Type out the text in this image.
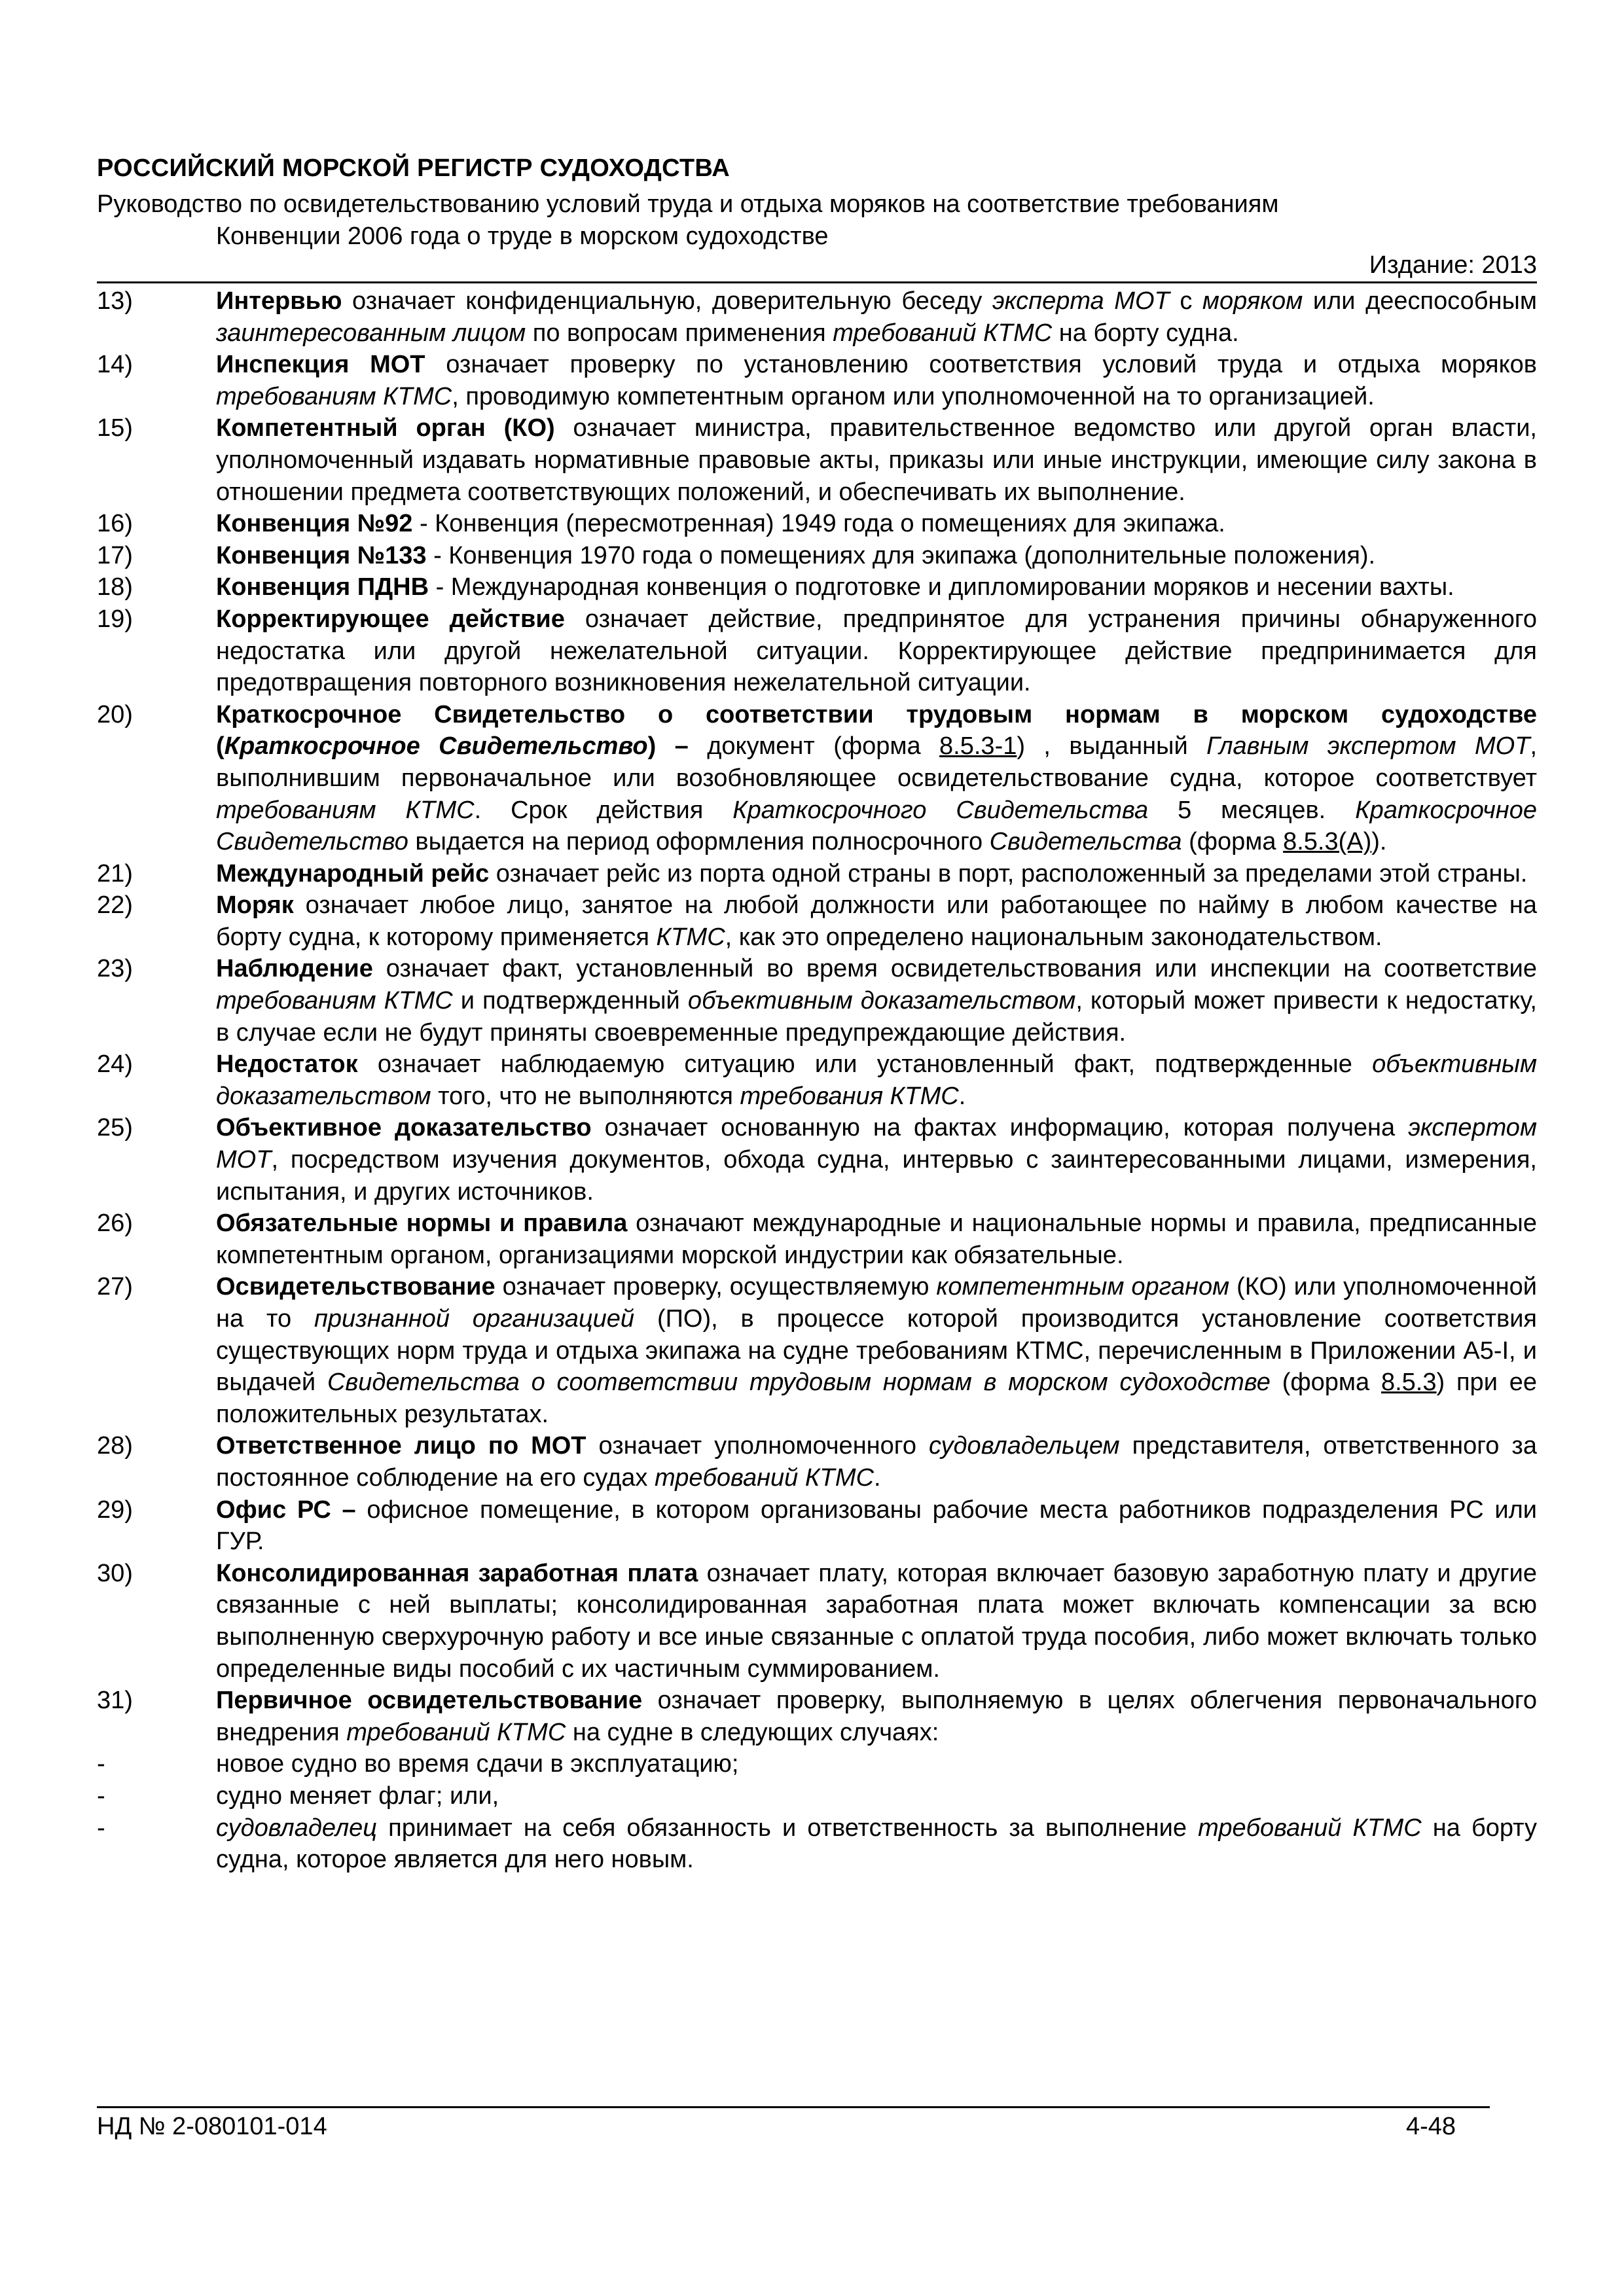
РОССИЙСКИЙ МОРСКОЙ РЕГИСТР СУДОХОДСТВА
Руководство по освидетельствованию условий труда и отдыха моряков на соответствие требованиям
Конвенции 2006 года о труде в морском судоходстве
Издание: 2013
13)	Интервью означает конфиденциальную, доверительную беседу эксперта МОТ с моряком или дееспособным заинтересованным лицом по вопросам применения требований КТМС на борту судна.
14)	Инспекция МОТ означает проверку по установлению соответствия условий труда и отдыха моряков требованиям КТМС, проводимую компетентным органом или уполномоченной на то организацией.
15)	Компетентный орган (КО) означает министра, правительственное ведомство или другой орган власти, уполномоченный издавать нормативные правовые акты, приказы или иные инструкции, имеющие силу закона в отношении предмета соответствующих положений, и обеспечивать их выполнение.
16)	Конвенция №92 - Конвенция (пересмотренная) 1949 года о помещениях для экипажа.
17)	Конвенция №133 - Конвенция 1970 года о помещениях для экипажа (дополнительные положения).
18)	Конвенция ПДНВ - Международная конвенция о подготовке и дипломировании моряков и несении вахты.
19)	Корректирующее действие означает действие, предпринятое для устранения причины обнаруженного недостатка или другой нежелательной ситуации. Корректирующее действие предпринимается для предотвращения повторного возникновения нежелательной ситуации.
20)	Краткосрочное Свидетельство о соответствии трудовым нормам в морском судоходстве (Краткосрочное Свидетельство) – документ (форма 8.5.3-1) , выданный Главным экспертом МОТ, выполнившим первоначальное или возобновляющее освидетельствование судна, которое соответствует требованиям КТМС. Срок действия Краткосрочного Свидетельства 5 месяцев. Краткосрочное Свидетельство выдается на период оформления полносрочного Свидетельства (форма 8.5.3(А)).
21)	Международный рейс означает рейс из порта одной страны в порт, расположенный за пределами этой страны.
22)	Моряк означает любое лицо, занятое на любой должности или работающее по найму в любом качестве на борту судна, к которому применяется КТМС, как это определено национальным законодательством.
23)	Наблюдение означает факт, установленный во время освидетельствования или инспекции на соответствие требованиям КТМС и подтвержденный объективным доказательством, который может привести к недостатку, в случае если не будут приняты своевременные предупреждающие действия.
24)	Недостаток означает наблюдаемую ситуацию или установленный факт, подтвержденные объективным доказательством того, что не выполняются требования КТМС.
25)	Объективное доказательство означает основанную на фактах информацию, которая получена экспертом МОТ, посредством изучения документов, обхода судна, интервью с заинтересованными лицами, измерения, испытания, и других источников.
26)	Обязательные нормы и правила означают международные и национальные нормы и правила, предписанные компетентным органом, организациями морской индустрии как обязательные.
27)	Освидетельствование означает проверку, осуществляемую компетентным органом (КО) или уполномоченной на то признанной организацией (ПО), в процессе которой производится установление соответствия существующих норм труда и отдыха экипажа на судне требованиям КТМС, перечисленным в Приложении А5-I, и выдачей Свидетельства о соответствии трудовым нормам в морском судоходстве (форма 8.5.3) при ее положительных результатах.
28)	Ответственное лицо по МОТ означает уполномоченного судовладельцем представителя, ответственного за постоянное соблюдение на его судах требований КТМС.
29)	Офис РС – офисное помещение, в котором организованы рабочие места работников подразделения РС или ГУР.
30)	Консолидированная заработная плата означает плату, которая включает базовую заработную плату и другие связанные с ней выплаты; консолидированная заработная плата может включать компенсации за всю выполненную сверхурочную работу и все иные связанные с оплатой труда пособия, либо может включать только определенные виды пособий с их частичным суммированием.
31)	Первичное освидетельствование означает проверку, выполняемую в целях облегчения первоначального внедрения требований КТМС на судне в следующих случаях:
-	новое судно во время сдачи в эксплуатацию;
-	судно меняет флаг; или,
-	судовладелец принимает на себя обязанность и ответственность за выполнение требований КТМС на борту судна, которое является для него новым.
НД № 2-080101-014	4-48
